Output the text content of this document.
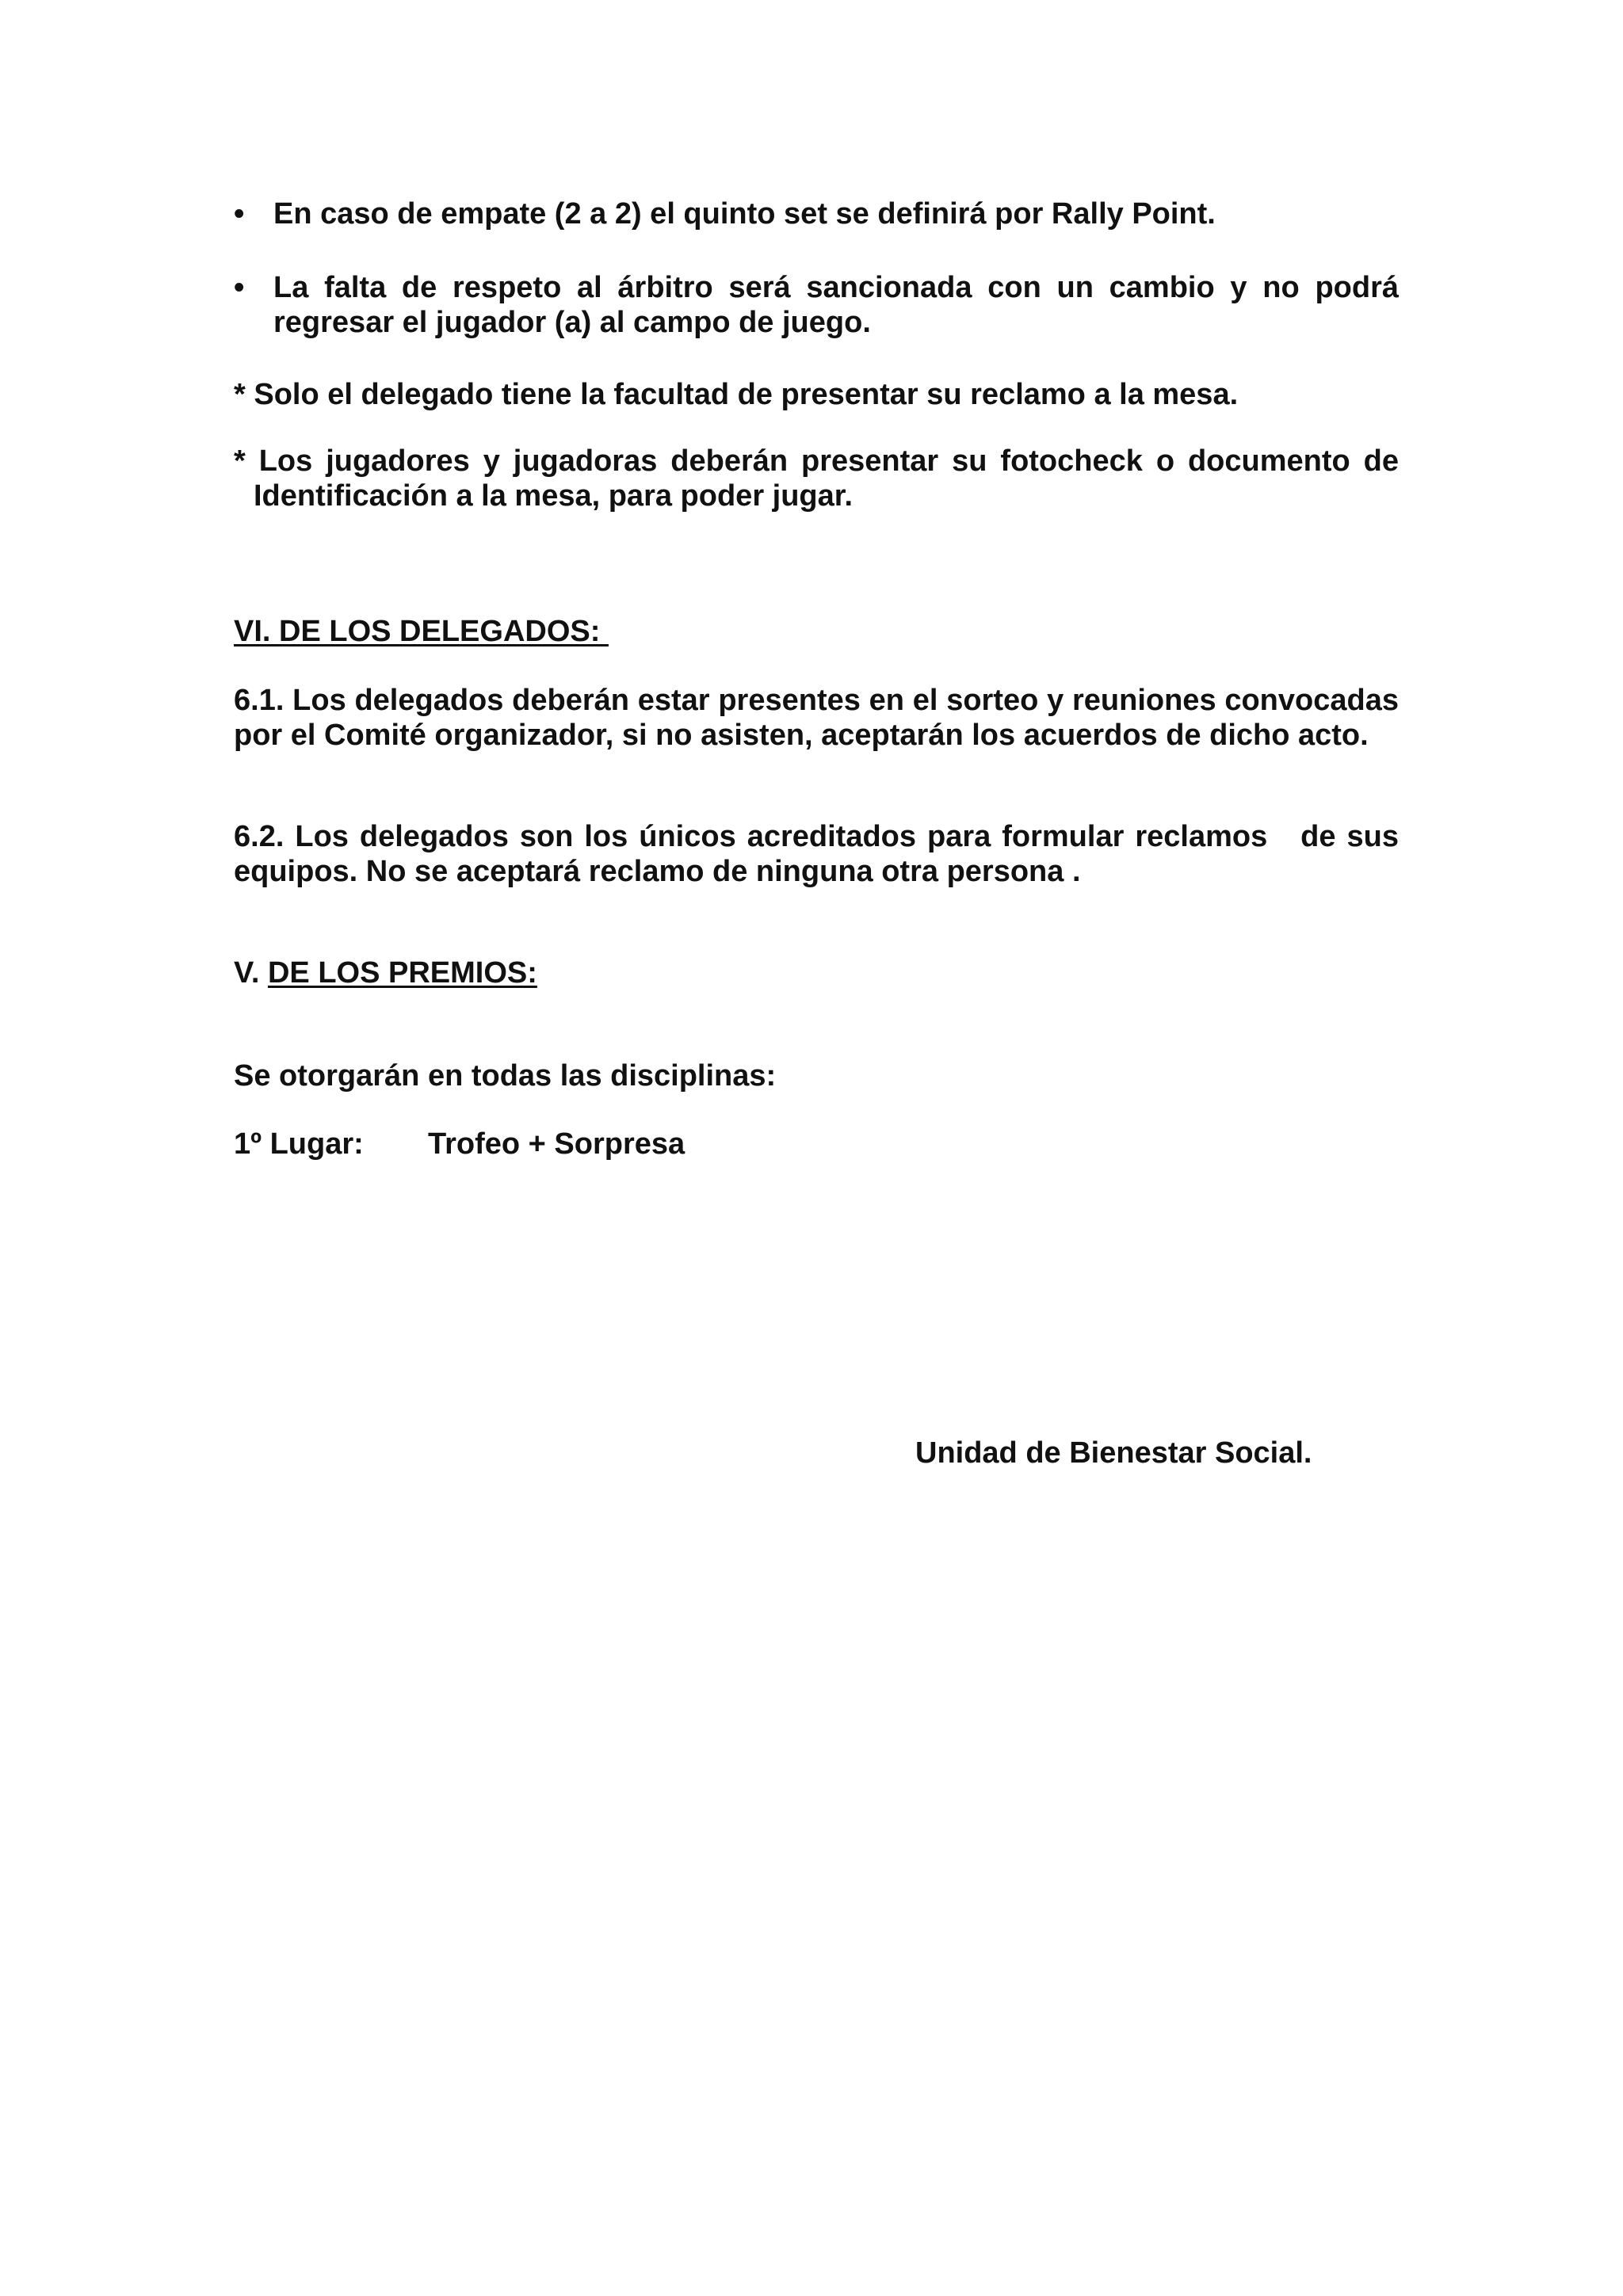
• En caso de empate (2 a 2) el quinto set se definirá por Rally Point.
• La falta de respeto al árbitro será sancionada con un cambio y no podrá regresar el jugador (a) al campo de juego.
* Solo el delegado tiene la facultad de presentar su reclamo a la mesa.
* Los jugadores y jugadoras deberán presentar su fotocheck o documento de
Identificación a la mesa, para poder jugar.
VI. DE LOS DELEGADOS:
6.1. Los delegados deberán estar presentes en el sorteo y reuniones convocadas por el Comité organizador, si no asisten, aceptarán los acuerdos de dicho acto.
6.2. Los delegados son los únicos acreditados para formular reclamos   de sus equipos. No se aceptará reclamo de ninguna otra persona .
V. DE LOS PREMIOS:
Se otorgarán en todas las disciplinas:
1º Lugar: Trofeo + Sorpresa
Unidad de Bienestar Social.
